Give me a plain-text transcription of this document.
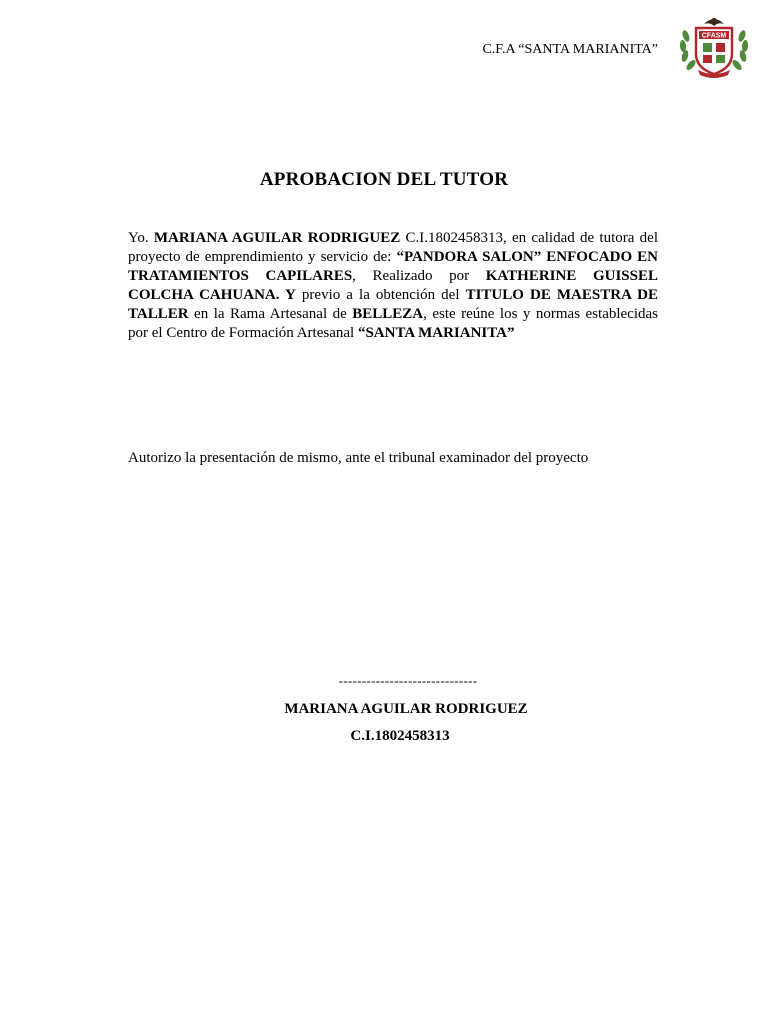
C.F.A “SANTA MARIANITA”
CFASM
APROBACION DEL TUTOR

Yo. MARIANA AGUILAR RODRIGUEZ C.I.1802458313, en calidad de tutora del proyecto de emprendimiento y servicio de: “PANDORA SALON” ENFOCADO EN TRATAMIENTOS CAPILARES, Realizado por KATHERINE GUISSEL COLCHA CAHUANA. Y previo a la obtención del TITULO DE MAESTRA DE TALLER en la Rama Artesanal de BELLEZA, este reúne los y normas establecidas por el Centro de Formación Artesanal “SANTA MARIANITA”

Autorizo la presentación de mismo, ante el tribunal examinador del proyecto
------------------------------
MARIANA AGUILAR RODRIGUEZ
C.I.1802458313
